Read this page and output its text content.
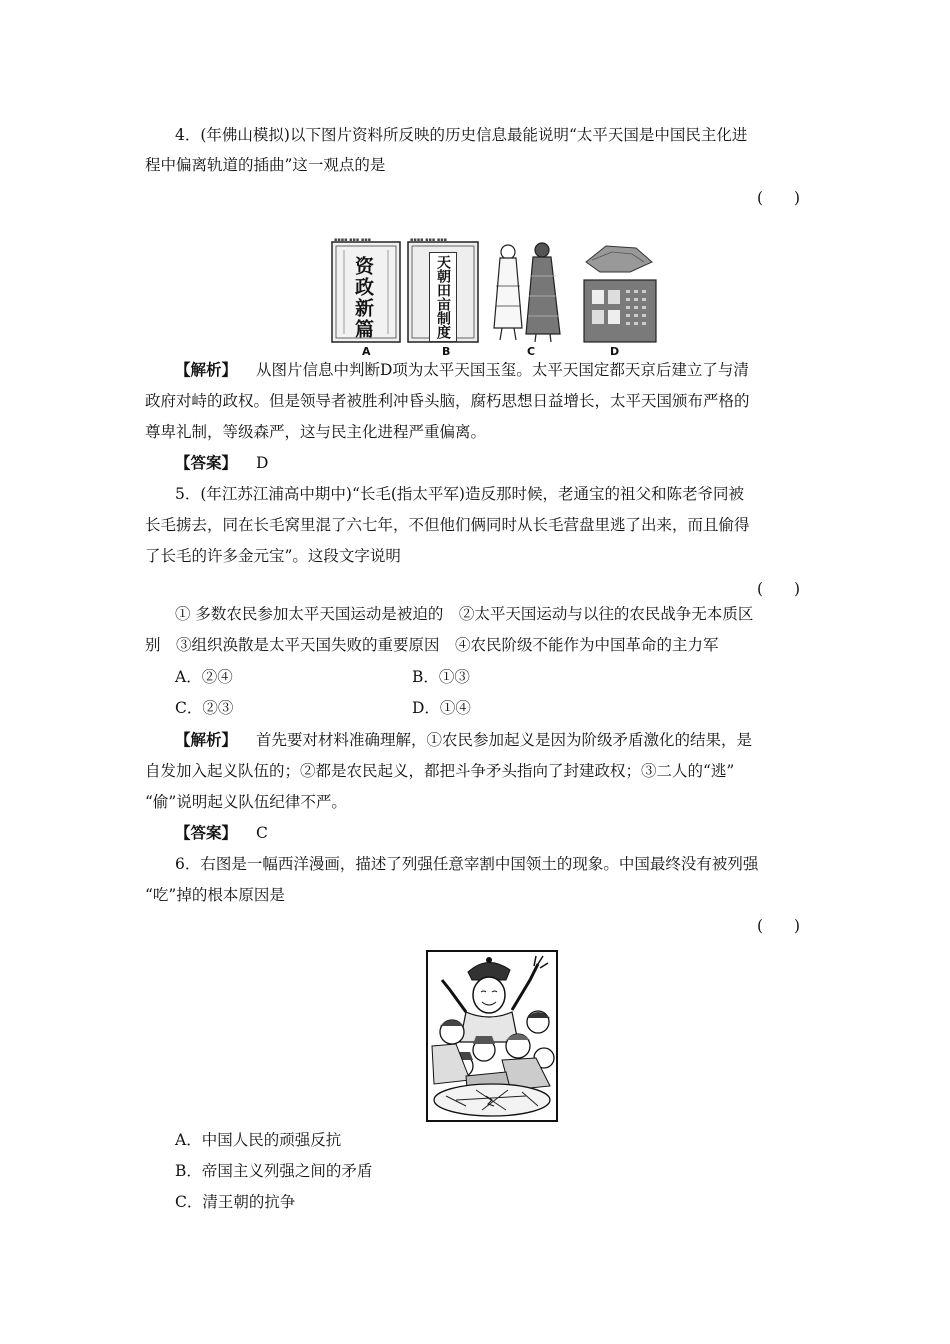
4．(年佛山模拟)以下图片资料所反映的历史信息最能说明“太平天国是中国民主化进
程中偏离轨道的插曲”这一观点的是
(　　)
▪▪▪▪ ▪▪▪ ▪▪▪	▪▪▪▪ ▪▪▪ ▪▪▪
资政新篇	天朝田亩制度
A	B	C	D
【解析】 从图片信息中判断D项为太平天国玉玺。太平天国定都天京后建立了与清
政府对峙的政权。但是领导者被胜利冲昏头脑，腐朽思想日益增长，太平天国颁布严格的
尊卑礼制，等级森严，这与民主化进程严重偏离。
【答案】 D
5．(年江苏江浦高中期中)“长毛(指太平军)造反那时候，老通宝的祖父和陈老爷同被
长毛掳去，同在长毛窝里混了六七年，不但他们俩同时从长毛营盘里逃了出来，而且偷得
了长毛的许多金元宝”。这段文字说明
(　　)
① 多数农民参加太平天国运动是被迫的　②太平天国运动与以往的农民战争无本质区
别　③组织涣散是太平天国失败的重要原因　④农民阶级不能作为中国革命的主力军
A．②④	B．①③
C．②③	D．①④
【解析】 首先要对材料准确理解，①农民参加起义是因为阶级矛盾激化的结果，是
自发加入起义队伍的；②都是农民起义，都把斗争矛头指向了封建政权；③二人的“逃”
“偷”说明起义队伍纪律不严。
【答案】 C
6．右图是一幅西洋漫画，描述了列强任意宰割中国领土的现象。中国最终没有被列强
“吃”掉的根本原因是
(　　)
A．中国人民的顽强反抗
B．帝国主义列强之间的矛盾
C．清王朝的抗争
